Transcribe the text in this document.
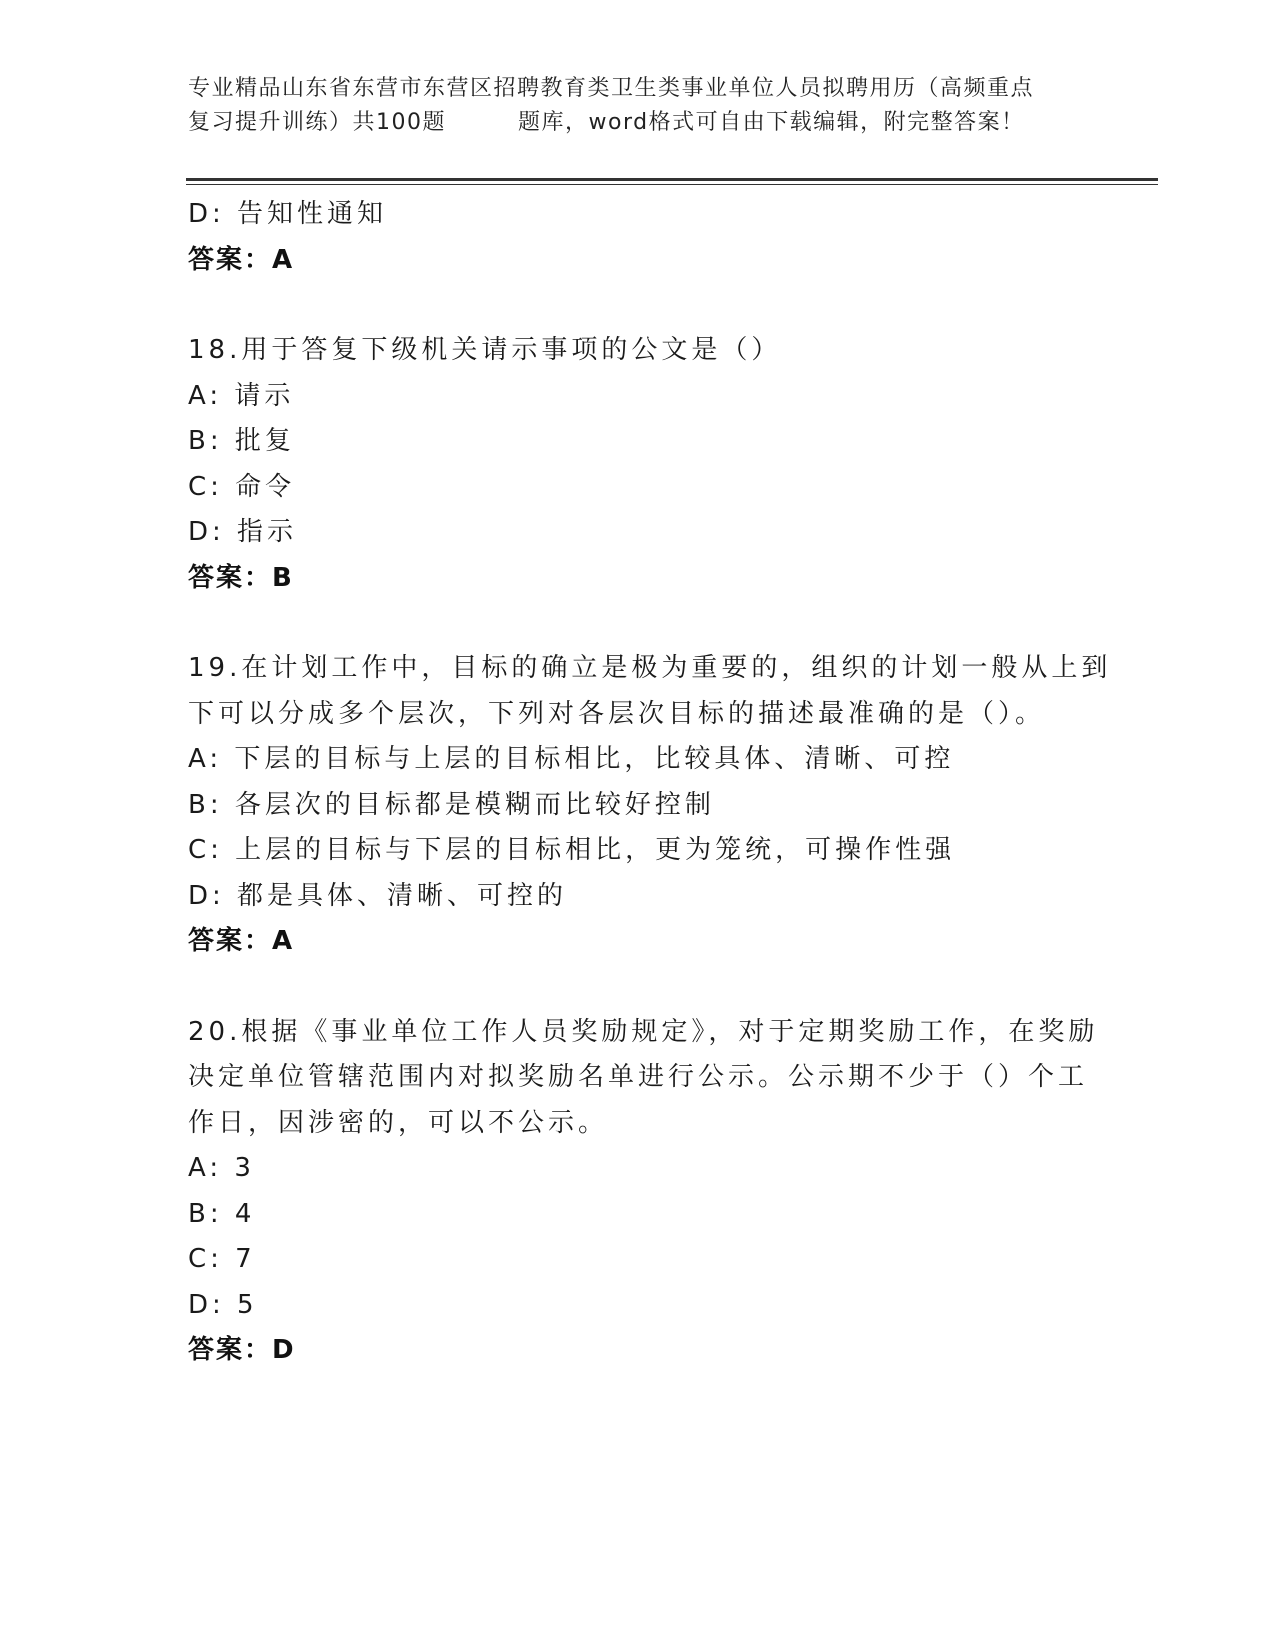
专业精品山东省东营市东营区招聘教育类卫生类事业单位人员拟聘用历（高频重点
复习提升训练）共100题	题库，word格式可自由下载编辑，附完整答案！
D: 告知性通知
答案：A
18.用于答复下级机关请示事项的公文是（）
A: 请示
B: 批复
C: 命令
D: 指示
答案：B
19.在计划工作中，目标的确立是极为重要的，组织的计划一般从上到
下可以分成多个层次，下列对各层次目标的描述最准确的是（）。
A: 下层的目标与上层的目标相比，比较具体、清晰、可控
B: 各层次的目标都是模糊而比较好控制
C: 上层的目标与下层的目标相比，更为笼统，可操作性强
D: 都是具体、清晰、可控的
答案：A
20.根据《事业单位工作人员奖励规定》，对于定期奖励工作，在奖励
决定单位管辖范围内对拟奖励名单进行公示。公示期不少于（）个工
作日，因涉密的，可以不公示。
A: 3
B: 4
C: 7
D: 5
答案：D
